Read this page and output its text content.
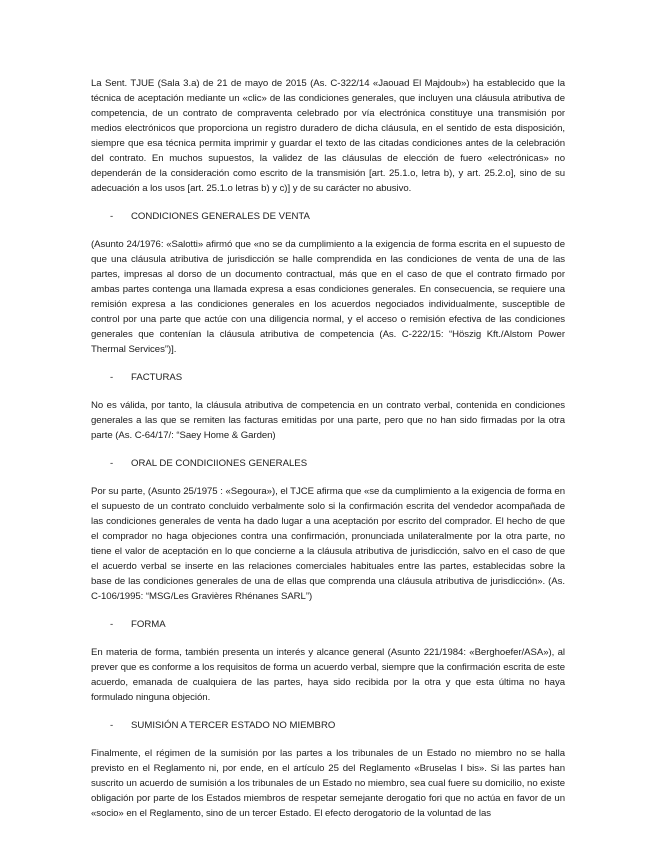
La Sent. TJUE (Sala 3.a) de 21 de mayo de 2015 (As. C-322/14 «Jaouad El Majdoub») ha establecido que la técnica de aceptación mediante un «clic» de las condiciones generales, que incluyen una cláusula atributiva de competencia, de un contrato de compraventa celebrado por vía electrónica constituye una transmisión por medios electrónicos que proporciona un registro duradero de dicha cláusula, en el sentido de esta disposición, siempre que esa técnica permita imprimir y guardar el texto de las citadas condiciones antes de la celebración del contrato. En muchos supuestos, la validez de las cláusulas de elección de fuero «electrónicas» no dependerán de la consideración como escrito de la transmisión [art. 25.1.o, letra b), y art. 25.2.o], sino de su adecuación a los usos [art. 25.1.o letras b) y c)] y de su carácter no abusivo.

- CONDICIONES GENERALES DE VENTA

(Asunto 24/1976: «Salotti» afirmó que «no se da cumplimiento a la exigencia de forma escrita en el supuesto de que una cláusula atributiva de jurisdicción se halle comprendida en las condiciones de venta de una de las partes, impresas al dorso de un documento contractual, más que en el caso de que el contrato firmado por ambas partes contenga una llamada expresa a esas condiciones generales. En consecuencia, se requiere una remisión expresa a las condiciones generales en los acuerdos negociados individualmente, susceptible de control por una parte que actúe con una diligencia normal, y el acceso o remisión efectiva de las condiciones generales que contenían la cláusula atributiva de competencia (As. C-222/15: “Höszig Kft./Alstom Power Thermal Services”)].

- FACTURAS

No es válida, por tanto, la cláusula atributiva de competencia en un contrato verbal, contenida en condiciones generales a las que se remiten las facturas emitidas por una parte, pero que no han sido firmadas por la otra parte (As. C-64/17/: “Saey Home & Garden)

- ORAL DE CONDICIIONES GENERALES

Por su parte, (Asunto 25/1975 : «Segoura»), el TJCE afirma que «se da cumplimiento a la exigencia de forma en el supuesto de un contrato concluido verbalmente solo si la confirmación escrita del vendedor acompañada de las condiciones generales de venta ha dado lugar a una aceptación por escrito del comprador. El hecho de que el comprador no haga objeciones contra una confirmación, pronunciada unilateralmente por la otra parte, no tiene el valor de aceptación en lo que concierne a la cláusula atributiva de jurisdicción, salvo en el caso de que el acuerdo verbal se inserte en las relaciones comerciales habituales entre las partes, establecidas sobre la base de las condiciones generales de una de ellas que comprenda una cláusula atributiva de jurisdicción». (As. C-106/1995: “MSG/Les Gravières Rhénanes SARL”)

- FORMA

En materia de forma, también presenta un interés y alcance general (Asunto 221/1984: «Berghoefer/ASA»), al prever que es conforme a los requisitos de forma un acuerdo verbal, siempre que la confirmación escrita de este acuerdo, emanada de cualquiera de las partes, haya sido recibida por la otra y que esta última no haya formulado ninguna objeción.

- SUMISIÓN A TERCER ESTADO NO MIEMBRO

Finalmente, el régimen de la sumisión por las partes a los tribunales de un Estado no miembro no se halla previsto en el Reglamento ni, por ende, en el artículo 25 del Reglamento «Bruselas I bis». Si las partes han suscrito un acuerdo de sumisión a los tribunales de un Estado no miembro, sea cual fuere su domicilio, no existe obligación por parte de los Estados miembros de respetar semejante derogatio fori que no actúa en favor de un «socio» en el Reglamento, sino de un tercer Estado. El efecto derogatorio de la voluntad de las
